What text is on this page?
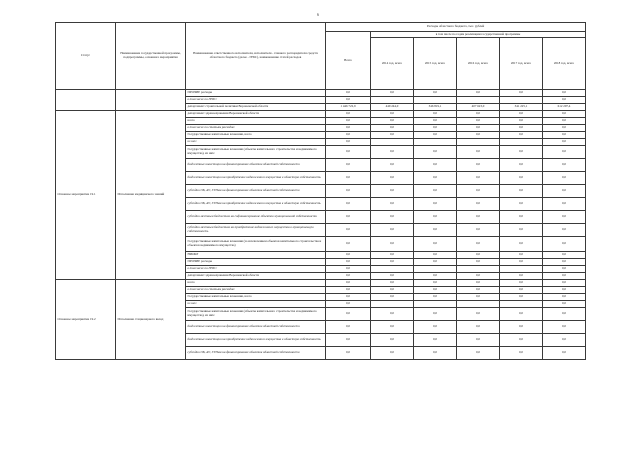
6
Статус	Наименование государственной программы, подпрограммы, основного мероприятия	Наименование ответственного исполнителя, исполнителя - главного распорядителя средств областного бюджета (далее - ГРБС), наименование статей расходов	Расходы областного бюджета, тыс. рублей					
			Всего	в том числе по годам реализации государственной программы				
				2014 год, всего	2015 год, всего	2016 год, всего	2017 год, всего	2018 год, всего
		ПРОЧИЕ расходы	0,0	0,0	0,0	0,0	0,0	0,0
		в том числе по ГРБС:	0,0					0,0
		департамент строительной политики Воронежской области	1 446 722,9	449 244,0	346 819,1	407 623,0	341 225,1	612 297,4
Основное мероприятие 19.1	Исполнение медицинского знаний	департамент здравоохранения Воронежской области	0,0	0,0	0,0	0,0	0,0	0,0
		всего	0,0	0,0	0,0	0,0	0,0	0,0
		в том числе по статьям расходов:	0,0	0,0	0,0	0,0	0,0	0,0
		Государственные капитальные вложения, всего	0,0	0,0	0,0	0,0	0,0	0,0
		из них:	0,0					0,0
		Государственные капитальные вложения (объекты капитального строительства и недвижимого имущества), из них:	0,0	0,0	0,0	0,0	0,0	0,0
		бюджетные инвестиции на финансирование объектов областной собственности	0,0	0,0	0,0	0,0	0,0	0,0
		бюджетные инвестиции на приобретение недвижимого имущества в областную собственность	0,0	0,0	0,0	0,0	0,0	0,0
		субсидии ОБ, АУ, ГУПам на финансирование объектов областной собственности	0,0	0,0	0,0	0,0	0,0	0,0
		субсидии ОБ, АУ, ГУПам на приобретение недвижимого имущества в областную собственность	0,0	0,0	0,0	0,0	0,0	0,0
		субсидии местным бюджетам на софинансирование объектов муниципальной собственности	0,0	0,0	0,0	0,0	0,0	0,0
		субсидии местным бюджетам на приобретение недвижимого имущества в муниципальную собственность	0,0	0,0	0,0	0,0	0,0	0,0
		Государственные капитальные вложения (за исключением объектов капитального строительства и объектов недвижимого имущества)	0,0	0,0	0,0	0,0	0,0	0,0
		НИОКР	0,0	0,0	0,0	0,0	0,0	0,0
		ПРОЧИЕ расходы	0,0	0,0	0,0	0,0	0,0	0,0
		в том числе по ГРБС:	0,0					0,0
		департамент здравоохранения Воронежской области	0,0	0,0	0,0	0,0	0,0	0,0
Основное мероприятие 19.2	Исполнение стационарного вклад	всего	0,0	0,0	0,0	0,0	0,0	0,0
		в том числе по статьям расходов:	0,0	0,0	0,0	0,0	0,0	0,0
		Государственные капитальные вложения, всего	0,0	0,0	0,0	0,0	0,0	0,0
		из них:	0,0					0,0
		Государственные капитальные вложения (объекты капитального строительства и недвижимого имущества), из них:	0,0	0,0	0,0	0,0	0,0	0,0
		бюджетные инвестиции на финансирование объектов областной собственности	0,0	0,0	0,0	0,0	0,0	0,0
		бюджетные инвестиции на приобретение недвижимого имущества в областную собственность	0,0	0,0	0,0	0,0	0,0	0,0
		субсидии ОБ, АУ, ГУПам на финансирование объектов областной собственности	0,0	0,0	0,0	0,0	0,0	0,0
